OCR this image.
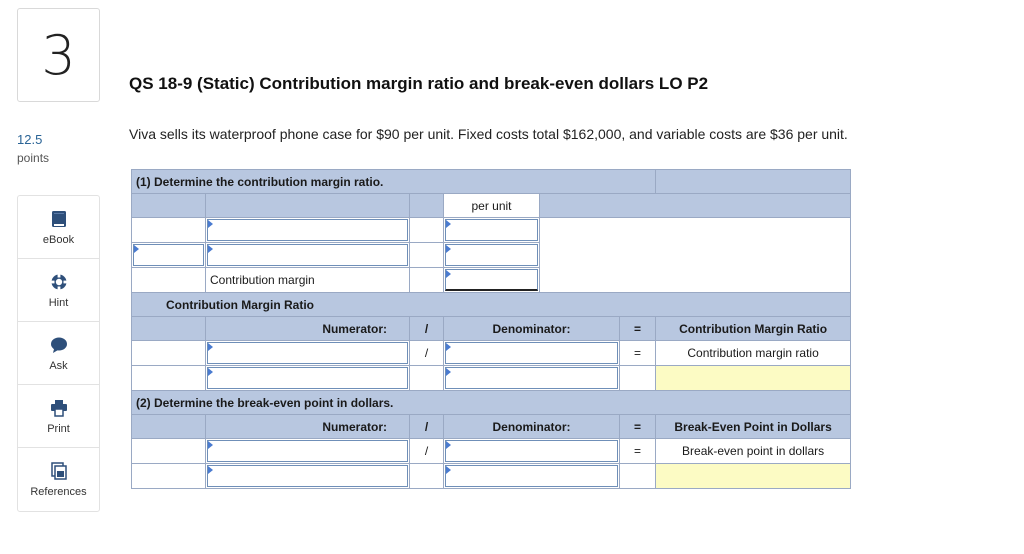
3
12.5
points
eBook
Hint
Ask
Print
References
QS 18-9 (Static) Contribution margin ratio and break-even dollars LO P2
Viva sells its waterproof phone case for $90 per unit. Fixed costs total $162,000, and variable costs are $36 per unit.
(1) Determine the contribution margin ratio.						
			per unit			

	Contribution margin		

Contribution Margin Ratio						
	Numerator:	/	Denominator:		=	Contribution Margin Ratio

	/			=	Contribution margin ratio

(2) Determine the break-even point in dollars.						
	Numerator:	/	Denominator:		=	Break-Even Point in Dollars

	/			=	Break-even point in dollars
